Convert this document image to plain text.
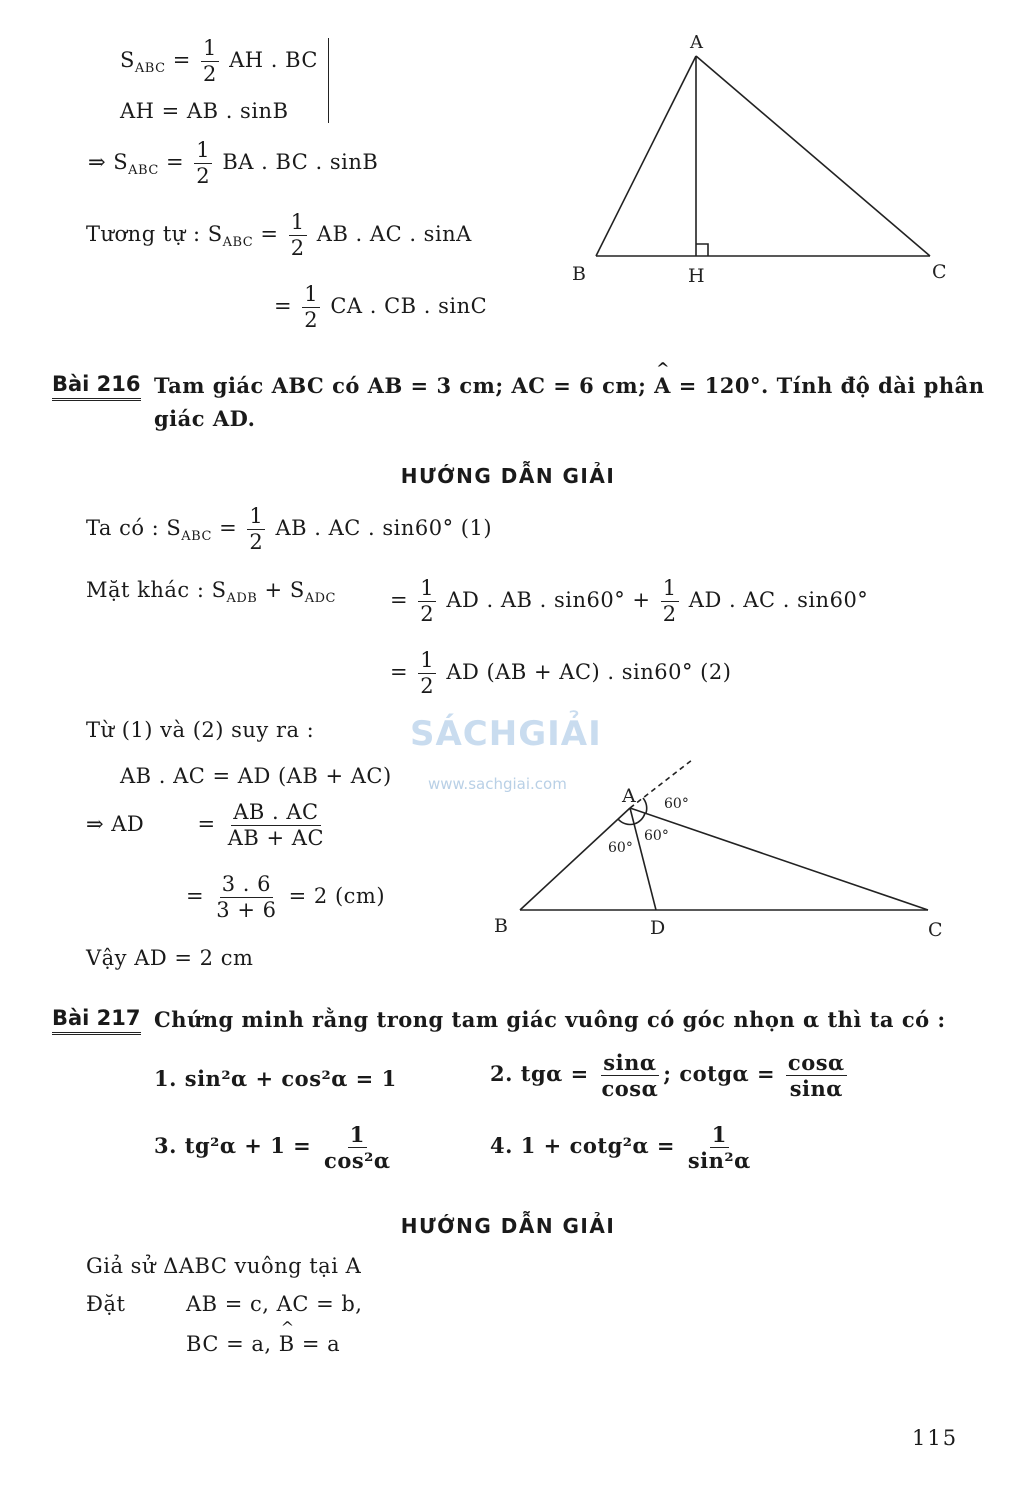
$S_{ABC} = \frac{1}{2}$ AH . BC
AH = AB . sinB
⇒ $S_{ABC} = \frac{1}{2}$ BA . BC . sinB
Tương tự : $S_{ABC} = \frac{1}{2}$ AB . AC . sinA
= $\frac{1}{2}$ CA . CB . sinC
A
B	H	C
Bài 216 Tam giác ABC có AB = 3 cm; AC = 6 cm; ^ A = 120°. Tính độ dài phân
giác AD.
HƯỚNG DẪN GIẢI
Ta có : $S_{ABC} = \frac{1}{2}$ AB . AC . sin60° (1)
Mặt khác : $S_{ADB} + S_{ADC}$	= $\frac{1}{2}$ AD . AB . $\sin 60^\circ + \frac{1}{2}$ AD . AC . sin60°
= $\frac{1}{2}$ AD (AB + AC) . sin60° (2)
Từ (1) và (2) suy ra :
AB . AC = AD (AB + AC)
⇒ AD	= $\frac{AB . AC}{AB + AC}$
= $\frac{3 . 6}{3 + 6} = 2$ (cm)
Vậy AD = 2 cm
SÁCHGIẢI
www.sachgiai.com
A
B	D	C
60°
60°
60°
Bài 217 Chứng minh rằng trong tam giác vuông có góc nhọn α thì ta có :
1. sin²α + cos²α = 1	2. $tg\alpha = \frac{\sin\alpha}{\cos\alpha}$ ; $\cot g\alpha = \frac{\cos\alpha}{\sin\alpha}$
3. $tg^2\alpha + 1 = \frac{1}{\text{cos²α}}$	4. $1 + \cot g^2\alpha = \frac{1}{\text{sin²α}}$
HƯỚNG DẪN GIẢI
Giả sử ΔABC vuông tại A
Đặt	AB = c, AC = b,
BC = a, ^ B = a
115
